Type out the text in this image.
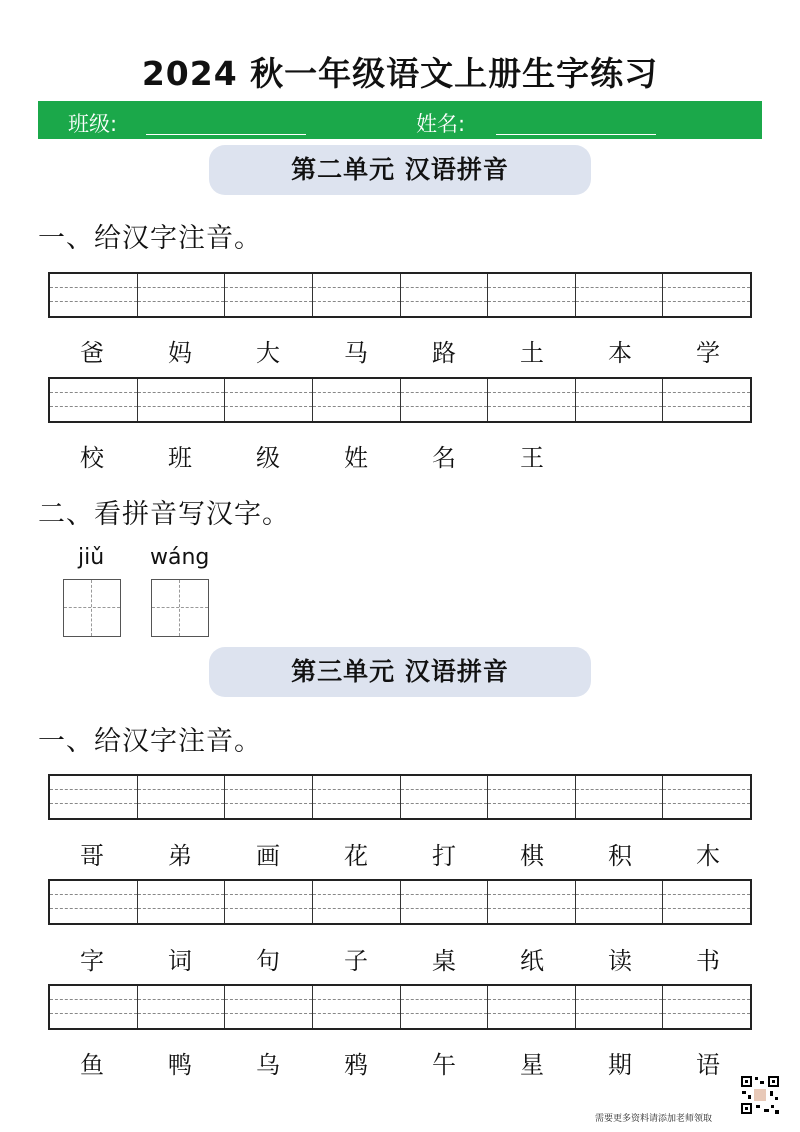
2024 秋一年级语文上册生字练习
班级:	姓名:
第二单元 汉语拼音
一、给汉字注音。
爸	妈	大	马	路	土	本	学
校	班	级	姓	名	王
二、看拼音写汉字。
jiǔ wáng
第三单元 汉语拼音
一、给汉字注音。
哥	弟	画	花	打	棋	积	木
字	词	句	子	桌	纸	读	书
鱼	鸭	乌	鸦	午	星	期	语
需要更多资料请添加老师领取
